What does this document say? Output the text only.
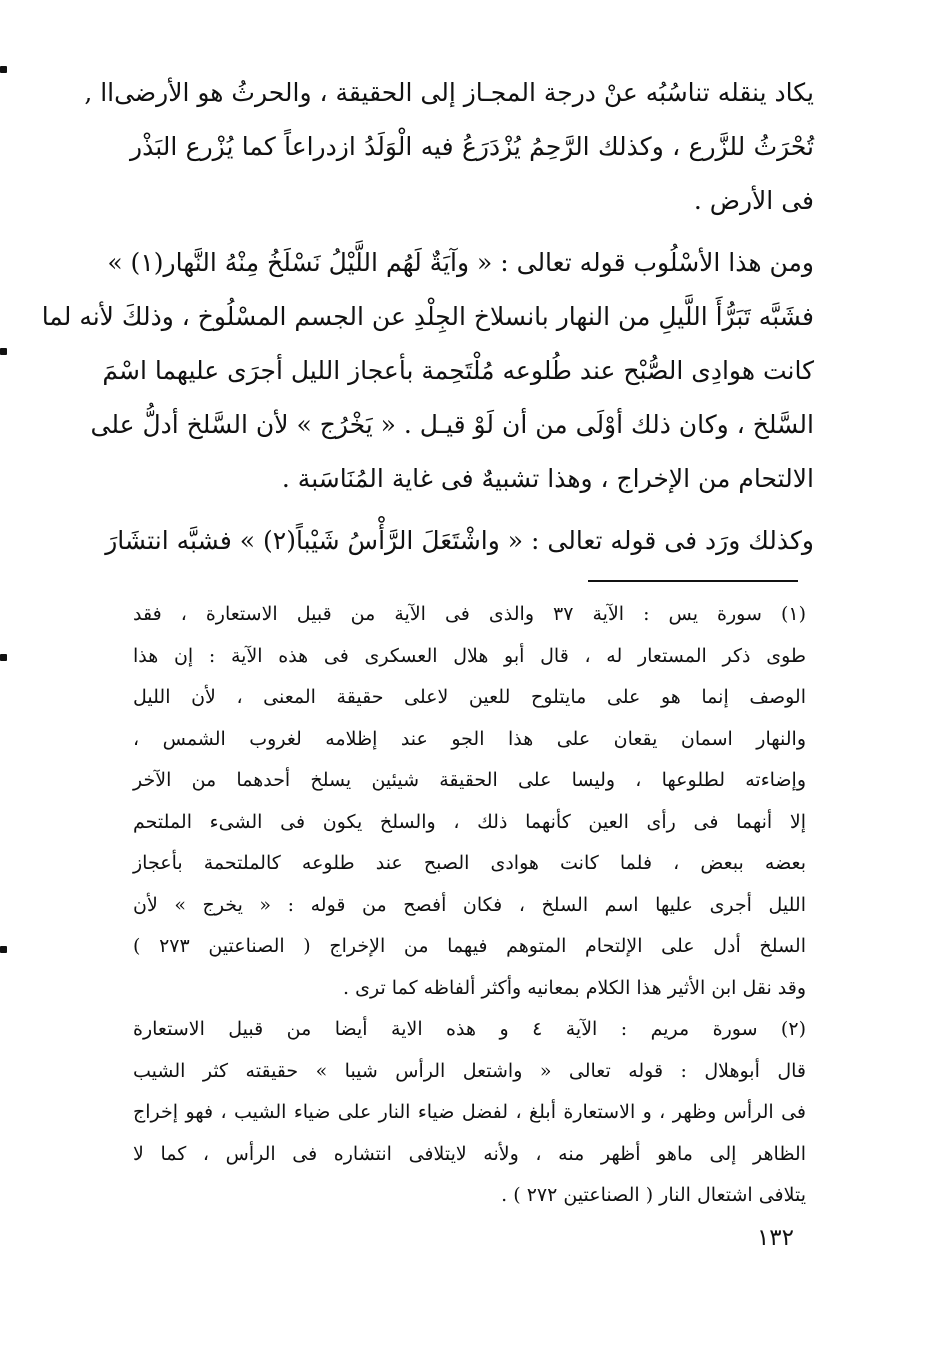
يكاد ينقله تناسُبُه عنْ درجة المجـاز إلى الحقيقة ، والحرثُ هو الأرضى‌اا ,
تُحْرَثُ للزَّرع ، وكذلك الرَّحِمُ يُزْدَرَعُ فيه الْوَلَدُ ازدراعاً كما يُزْرع البَذْر
فى الأرض .
ومن هذا الأسْلُوب قوله تعالى : « وآيَةٌ لَهُم اللَّيْلُ نَسْلَخُ مِنْهُ النَّهار(١) »
فشَبَّه تَبَرُّأَ اللَّيلِ من النهار بانسلاخ الجِلْدِ عن الجسم المسْلُوخ ، وذلكَ لأنه لما
كانت هوادِى الصُّبْح عند طُلوعه مُلْتَحِمة بأعجاز الليل أجرَى عليهما اسْمَ
السَّلخ ، وكان ذلك أوْلَى من أن لَوْ قيـل . « يَخْرُج » لأن السَّلخ أدلُّ على
الالتحام من الإخراج ، وهذا تشبيهٌ فى غاية المُنَاسَبة .
وكذلك ورَد فى قوله تعالى : « واشْتَعَلَ الرَّأْسُ شَيْباً(٢) » فشبَّه انتشَارَ
(١) سورة يس : الآية ٣٧ والذى فى الآية من قبيل الاستعارة ، فقد
طوى ذكر المستعار له ، قال أبو هلال العسكرى فى هذه الآية : إن هذا
الوصف إنما هو على مايتلوح للعين لاعلى حقيقة المعنى ، لأن الليل
والنهار اسمان يقعان على هذا الجو عند إظلامه لغروب الشمس ،
وإضاءته لطلوعها ، وليسا على الحقيقة شيئين يسلخ أحدهما من الآخر
إلا أنهما فى رأى العين كأنهما ذلك ، والسلخ يكون فى الشىء الملتحم
بعضه ببعض ، فلما كانت هوادى الصبح عند طلوعه كالملتحمة بأعجاز
الليل أجرى عليها اسم السلخ ، فكان أفصح من قوله : « يخرج » لأن
السلخ أدل على الإلتحام المتوهم فيهما من الإخراج ( الصناعتين ٢٧٣ )
وقد نقل ابن الأثير هذا الكلام بمعانيه وأكثر ألفاظه كما ترى .
(٢) سورة مريم : الآية ٤ و هذه الاية أيضا من قبيل الاستعارة
قال أبوهلال : قوله تعالى « واشتعل الرأس شيبا » حقيقته كثر الشيب
فى الرأس وظهر ، و الاستعارة أبلغ ، لفضل ضياء النار على ضياء الشيب ، فهو إخراج
الظاهر إلى ماهو أظهر منه ، ولأنه لايتلافى انتشاره فى الرأس ، كما لا
يتلافى اشتعال النار ( الصناعتين ٢٧٢ ) .
١٣٢
